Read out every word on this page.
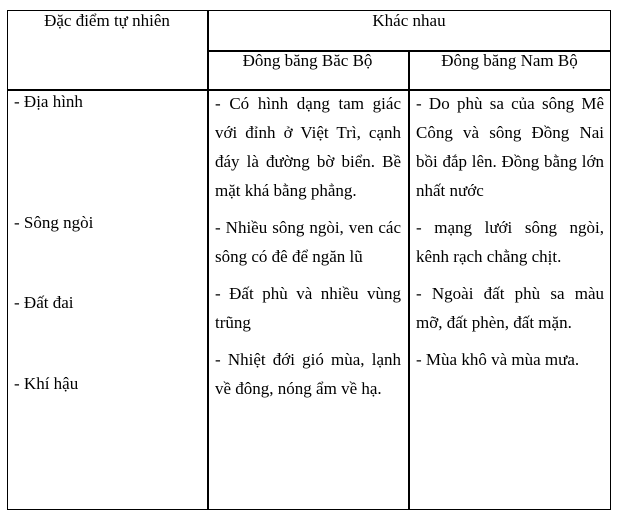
Đặc điểm tự nhiên	Khác nhau
Đông băng Băc Bộ	Đông băng Nam Bộ
- Địa hình
- Sông ngòi
- Đất đai
- Khí hậu

- Có hình dạng tam giác với đỉnh ở Việt Trì, cạnh đáy là đường bờ biển. Bề mặt khá bằng phẳng.

- Nhiều sông ngòi, ven các sông có đê để ngăn lũ

- Đất phù và nhiều vùng trũng

- Nhiệt đới gió mùa, lạnh về đông, nóng ẩm về hạ.

- Do phù sa của sông Mê Công và sông Đồng Nai bồi đắp lên. Đồng bằng lớn nhất nước

- mạng lưới sông ngòi, kênh rạch chằng chịt.

- Ngoài đất phù sa màu mỡ, đất phèn, đất mặn.

- Mùa khô và mùa mưa.
